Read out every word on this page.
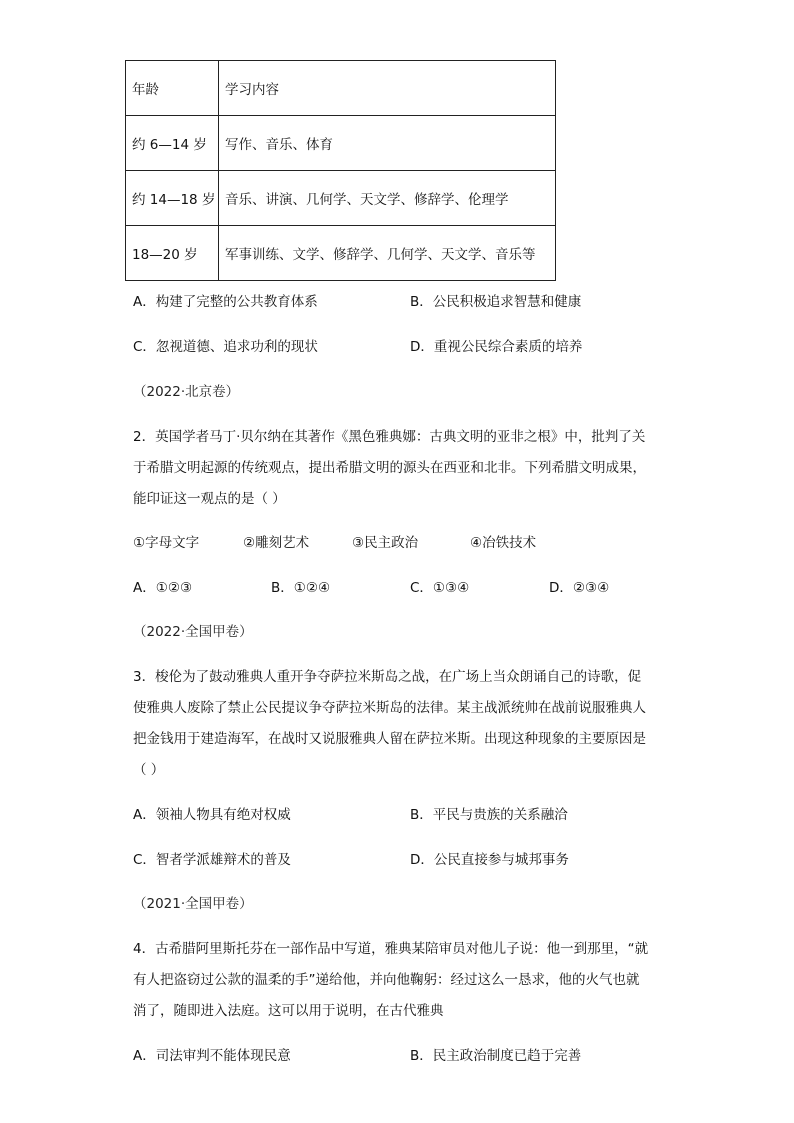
年龄	学习内容
约 6—14 岁	写作、音乐、体育
约 14—18 岁	音乐、讲演、几何学、天文学、修辞学、伦理学
18—20 岁	军事训练、文学、修辞学、几何学、天文学、音乐等
A．构建了完整的公共教育体系	B．公民积极追求智慧和健康
C．忽视道德、追求功利的现状	D．重视公民综合素质的培养
（2022·北京卷）
2．英国学者马丁·贝尔纳在其著作《黑色雅典娜：古典文明的亚非之根》中，批判了关
于希腊文明起源的传统观点，提出希腊文明的源头在西亚和北非。下列希腊文明成果，
能印证这一观点的是（ ）
①字母文字	②雕刻艺术	③民主政治	④冶铁技术
A．①②③	B．①②④	C．①③④	D．②③④
（2022·全国甲卷）
3．梭伦为了鼓动雅典人重开争夺萨拉米斯岛之战，在广场上当众朗诵自己的诗歌，促
使雅典人废除了禁止公民提议争夺萨拉米斯岛的法律。某主战派统帅在战前说服雅典人
把金钱用于建造海军，在战时又说服雅典人留在萨拉米斯。出现这种现象的主要原因是
（ ）
A．领袖人物具有绝对权威	B．平民与贵族的关系融洽
C．智者学派雄辩术的普及	D．公民直接参与城邦事务
（2021·全国甲卷）
4．古希腊阿里斯托芬在一部作品中写道，雅典某陪审员对他儿子说：他一到那里，“就
有人把盗窃过公款的温柔的手”递给他，并向他鞠躬：经过这么一恳求，他的火气也就
消了，随即进入法庭。这可以用于说明，在古代雅典
A．司法审判不能体现民意	B．民主政治制度已趋于完善
